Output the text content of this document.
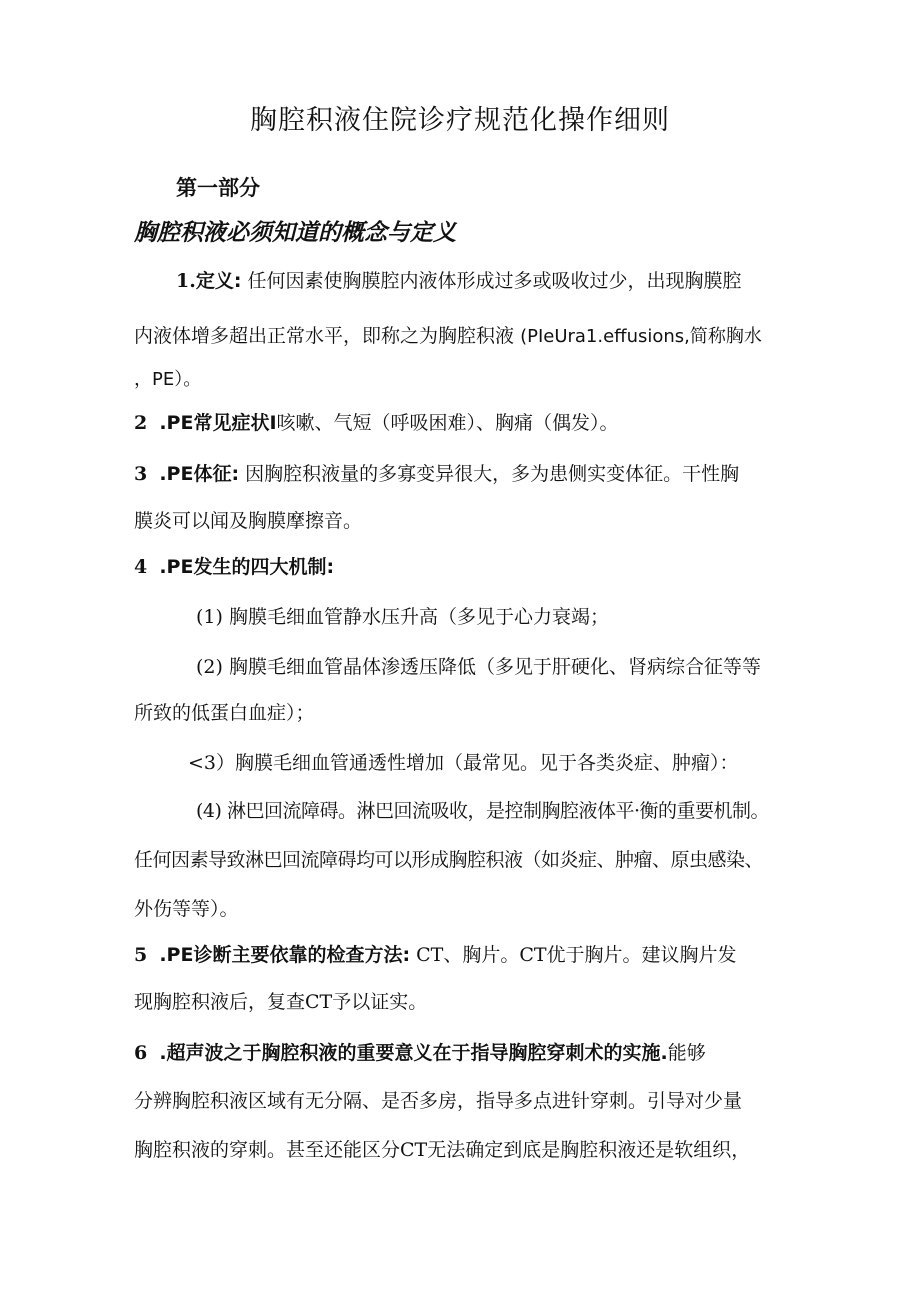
胸腔积液住院诊疗规范化操作细则
第一部分
胸腔积液必须知道的概念与定义
1.定义: 任何因素使胸膜腔内液体形成过多或吸收过少，出现胸膜腔
内液体增多超出正常水平，即称之为胸腔积液 (PIeUra1.effusions,简称胸水
，PE）。
2 .PE常见症状I咳嗽、气短（呼吸困难）、胸痛（偶发）。
3 .PE体征: 因胸腔积液量的多寡变异很大，多为患侧实变体征。干性胸
膜炎可以闻及胸膜摩擦音。
4 .PE发生的四大机制:
(1) 胸膜毛细血管静水压升高（多见于心力衰竭；
(2) 胸膜毛细血管晶体渗透压降低（多见于肝硬化、肾病综合征等等
所致的低蛋白血症）；
<3）胸膜毛细血管通透性增加（最常见。见于各类炎症、肿瘤）：
(4) 淋巴回流障碍。淋巴回流吸收，是控制胸腔液体平·衡的重要机制。
任何因素导致淋巴回流障碍均可以形成胸腔积液（如炎症、肿瘤、原虫感染、
外伤等等）。
5 .PE诊断主要依靠的检查方法: CT、胸片。CT优于胸片。建议胸片发
现胸腔积液后，复查CT予以证实。
6 .超声波之于胸腔积液的重要意义在于指导胸腔穿刺术的实施.能够
分辨胸腔积液区域有无分隔、是否多房，指导多点进针穿刺。引导对少量
胸腔积液的穿刺。甚至还能区分CT无法确定到底是胸腔积液还是软组织，
